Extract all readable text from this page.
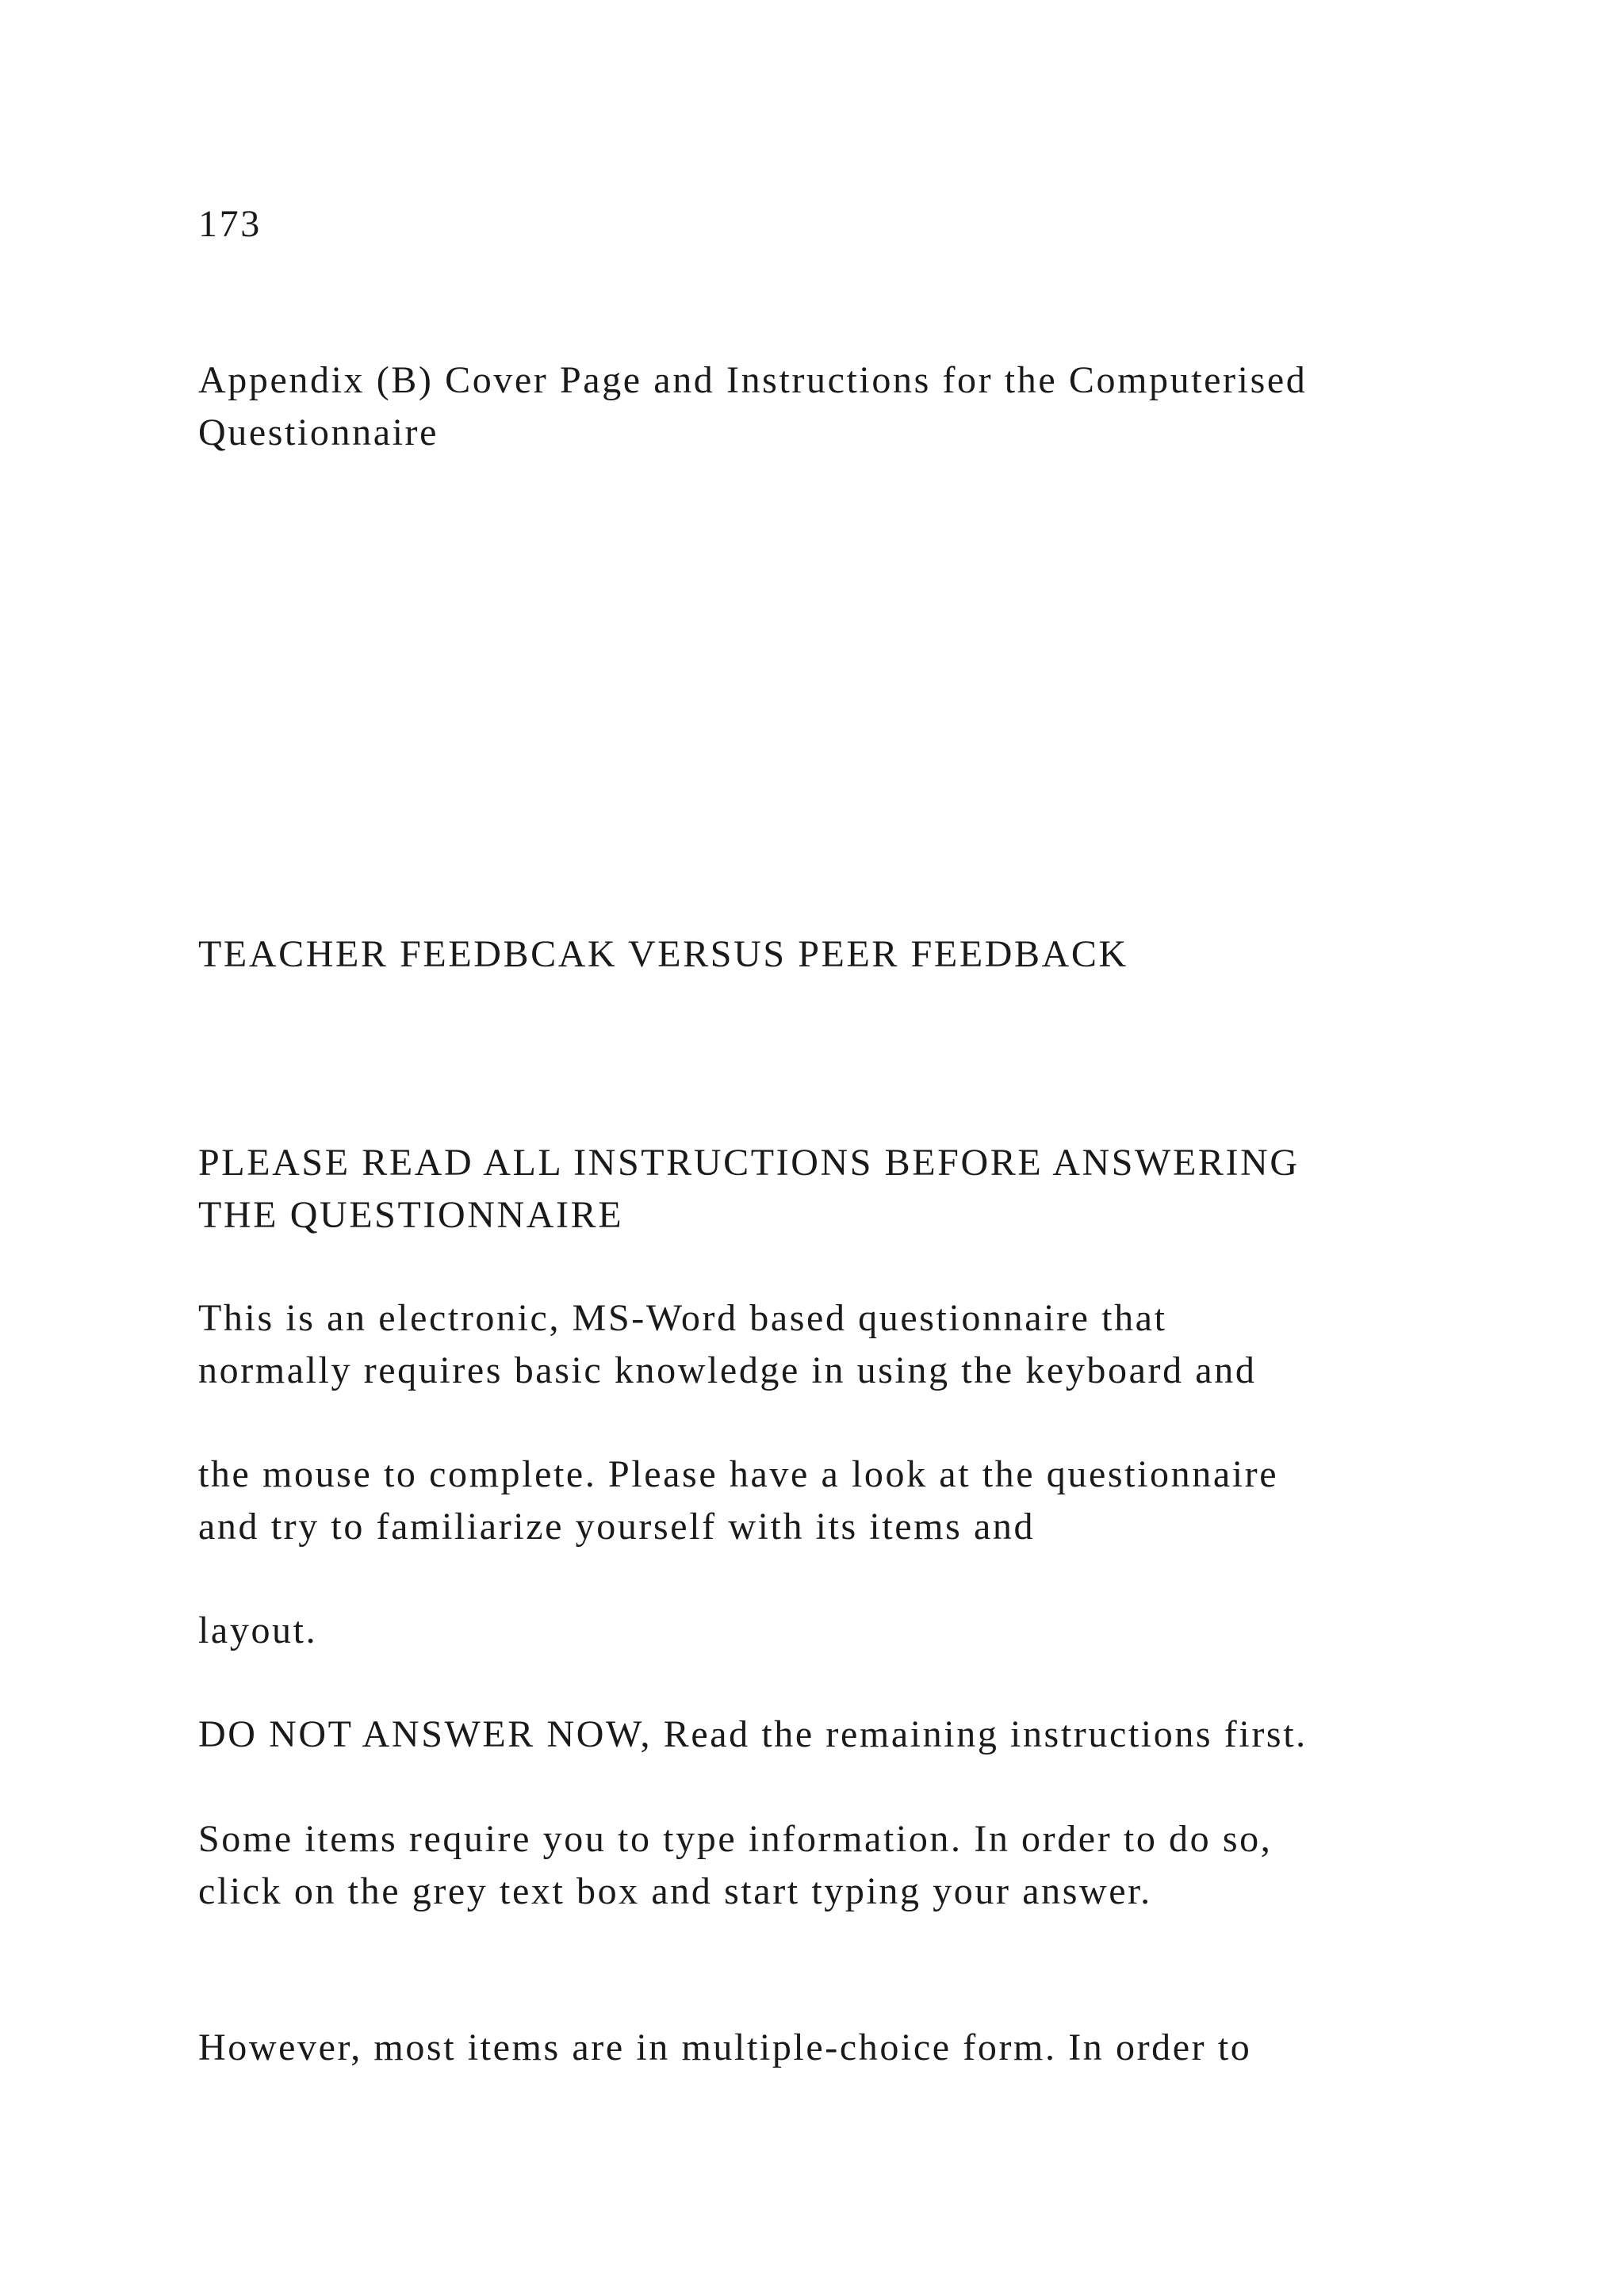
173

Appendix (B) Cover Page and Instructions for the Computerised

Questionnaire

TEACHER FEEDBCAK VERSUS PEER FEEDBACK

PLEASE READ ALL INSTRUCTIONS BEFORE ANSWERING

THE QUESTIONNAIRE

This is an electronic, MS-Word based questionnaire that

normally requires basic knowledge in using the keyboard and

the mouse to complete. Please have a look at the questionnaire

and try to familiarize yourself with its items and

layout.

DO NOT ANSWER NOW, Read the remaining instructions first.

Some items require you to type information. In order to do so,

click on the grey text box and start typing your answer.

However, most items are in multiple-choice form. In order to
